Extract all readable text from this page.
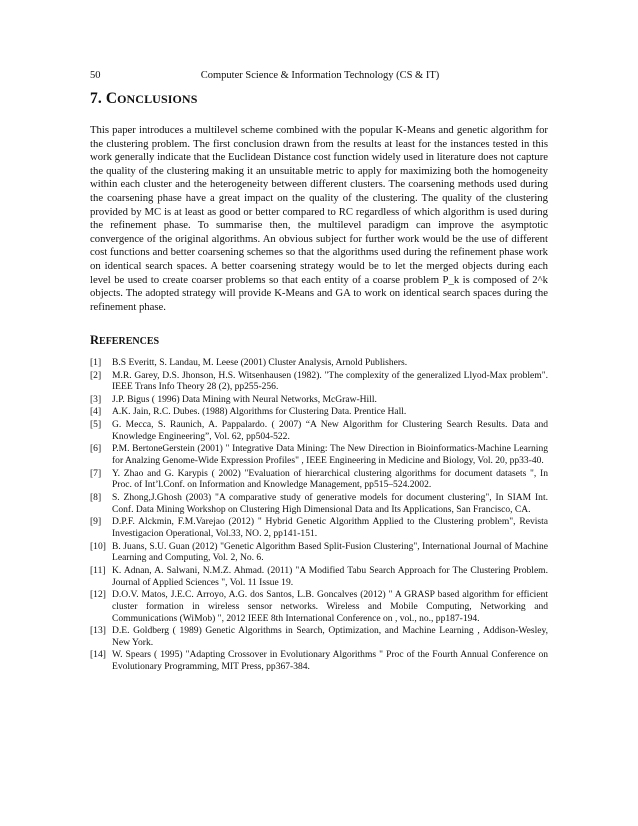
50	Computer Science & Information Technology (CS & IT)
7. CONCLUSIONS

This paper introduces a multilevel scheme combined with the popular K-Means and genetic algorithm for the clustering problem. The first conclusion drawn from the results at least for the instances tested in this work generally indicate that the Euclidean Distance cost function widely used in literature does not capture the quality of the clustering making it an unsuitable metric to apply for maximizing both the homogeneity within each cluster and the heterogeneity between different clusters. The coarsening methods used during the coarsening phase have a great impact on the quality of the clustering. The quality of the clustering provided by MC is at least as good or better compared to RC regardless of which algorithm is used during the refinement phase. To summarise then, the multilevel paradigm can improve the asymptotic convergence of the original algorithms. An obvious subject for further work would be the use of different cost functions and better coarsening schemes so that the algorithms used during the refinement phase work on identical search spaces. A better coarsening strategy would be to let the merged objects during each level be used to create coarser problems so that each entity of a coarse problem P_k is composed of 2^k objects. The adopted strategy will provide K-Means and GA to work on identical search spaces during the refinement phase.

REFERENCES
[1] B.S Everitt, S. Landau, M. Leese (2001) Cluster Analysis, Arnold Publishers.
[2] M.R. Garey, D.S. Jhonson, H.S. Witsenhausen (1982). "The complexity of the generalized Llyod-Max problem". IEEE Trans Info Theory 28 (2), pp255-256.
[3] J.P. Bigus ( 1996) Data Mining with Neural Networks, McGraw-Hill.
[4] A.K. Jain, R.C. Dubes. (1988) Algorithms for Clustering Data. Prentice Hall.
[5] G. Mecca, S. Raunich, A. Pappalardo. ( 2007) “A New Algorithm for Clustering Search Results. Data and Knowledge Engineering”, Vol. 62, pp504-522.
[6] P.M. BertoneGerstein (2001) " Integrative Data Mining: The New Direction in Bioinformatics-Machine Learning for Analzing Genome-Wide Expression Profiles" , IEEE Engineering in Medicine and Biology, Vol. 20, pp33-40.
[7] Y. Zhao and G. Karypis ( 2002) "Evaluation of hierarchical clustering algorithms for document datasets ", In Proc. of Int’l.Conf. on Information and Knowledge Management, pp515–524.2002.
[8] S. Zhong,J.Ghosh (2003) "A comparative study of generative models for document clustering", In SIAM Int. Conf. Data Mining Workshop on Clustering High Dimensional Data and Its Applications, San Francisco, CA.
[9] D.P.F. Alckmin, F.M.Varejao (2012) " Hybrid Genetic Algorithm Applied to the Clustering problem", Revista Investigacion Operational, Vol.33, NO. 2, pp141-151.
[10] B. Juans, S.U. Guan (2012) "Genetic Algorithm Based Split-Fusion Clustering", International Journal of Machine Learning and Computing, Vol. 2, No. 6.
[11] K. Adnan, A. Salwani, N.M.Z. Ahmad. (2011) "A Modified Tabu Search Approach for The Clustering Problem. Journal of Applied Sciences ", Vol. 11 Issue 19.
[12] D.O.V. Matos, J.E.C. Arroyo, A.G. dos Santos, L.B. Goncalves (2012) " A GRASP based algorithm for efficient cluster formation in wireless sensor networks. Wireless and Mobile Computing, Networking and Communications (WiMob) ", 2012 IEEE 8th International Conference on , vol., no., pp187-194.
[13] D.E. Goldberg ( 1989) Genetic Algorithms in Search, Optimization, and Machine Learning , Addison-Wesley, New York.
[14] W. Spears ( 1995) "Adapting Crossover in Evolutionary Algorithms " Proc of the Fourth Annual Conference on Evolutionary Programming, MIT Press, pp367-384.
